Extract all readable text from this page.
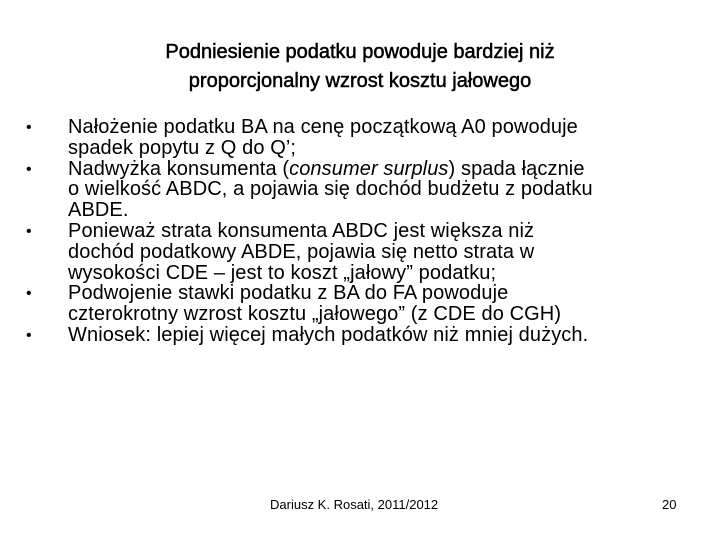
Podniesienie podatku powoduje bardziej niż
proporcjonalny wzrost kosztu jałowego
• Nałożenie podatku BA na cenę początkową A0 powoduje
spadek popytu z Q do Q’;
• Nadwyżka konsumenta (consumer surplus) spada łącznie
o wielkość ABDC, a pojawia się dochód budżetu z podatku
ABDE.
• Ponieważ strata konsumenta ABDC jest większa niż
dochód podatkowy ABDE, pojawia się netto strata w
wysokości CDE – jest to koszt „jałowy” podatku;
• Podwojenie stawki podatku z BA do FA powoduje
czterokrotny wzrost kosztu „jałowego” (z CDE do CGH)
• Wniosek: lepiej więcej małych podatków niż mniej dużych.
Dariusz K. Rosati, 2011/2012	20
